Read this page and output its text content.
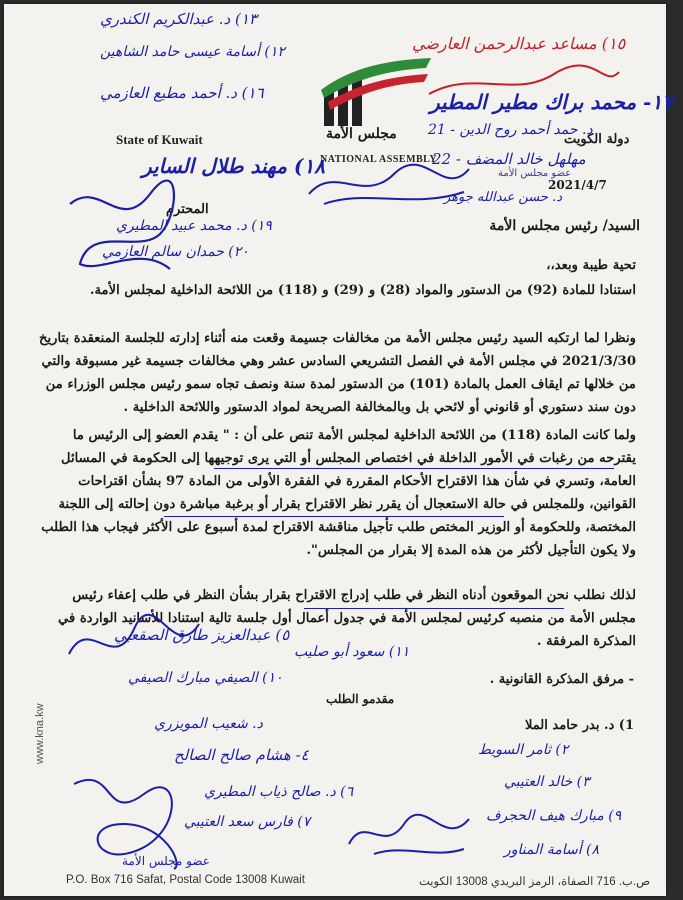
١٣) د. عبدالكريم الكندري
١٢) أسامة عيسى حامد الشاهين
١٦) د. أحمد مطيع العازمي
١٨) مهند طلال الساير
١٥) مساعد عبدالرحمن العارضي
١٧- محمد براك مطير المطير
21 - د. حمد أحمد روح الدين
22 - مهلهل خالد المضف
د. حسن عبدالله جوهر
State of Kuwait	دولة الكويت
مجلس الأمة
NATIONAL ASSEMBLY
2021/4/7
عضو مجلس الأمة
المحترم
١٩) د. محمد عبيد المطيري
٢٠) حمدان سالم العازمي
السيد/ رئيس مجلس الأمة
تحية طيبة وبعد،،

استنادا للمادة (92) من الدستور والمواد (28) و (29) و (118) من اللائحة الداخلية لمجلس الأمة.

ونظرا لما ارتكبه السيد رئيس مجلس الأمة من مخالفات جسيمة وقعت منه أثناء إدارته للجلسة المنعقدة بتاريخ 2021/3/30 في مجلس الأمة في الفصل التشريعي السادس عشر وهي مخالفات جسيمة غير مسبوقة والتي من خلالها تم ايقاف العمل بالمادة (101) من الدستور لمدة سنة ونصف تجاه سمو رئيس مجلس الوزراء من دون سند دستوري أو قانوني أو لائحي بل وبالمخالفة الصريحة لمواد الدستور واللائحة الداخلية .

ولما كانت المادة (118) من اللائحة الداخلية لمجلس الأمة تنص على أن : " يقدم العضو إلى الرئيس ما يقترحه من رغبات في الأمور الداخلة في اختصاص المجلس أو التي يرى توجيهها إلى الحكومة في المسائل العامة، وتسري في شأن هذا الاقتراح الأحكام المقررة في الفقرة الأولى من المادة 97 بشأن اقتراحات القوانين، وللمجلس في حالة الاستعجال أن يقرر نظر الاقتراح بقرار أو برغبة مباشرة دون إحالته إلى اللجنة المختصة، وللحكومة أو الوزير المختص طلب تأجيل مناقشة الاقتراح لمدة أسبوع على الأكثر فيجاب هذا الطلب ولا يكون التأجيل لأكثر من هذه المدة إلا بقرار من المجلس".

لذلك نطلب نحن الموقعون أدناه النظر في طلب إدراج الاقتراح بقرار بشأن النظر في طلب إعفاء رئيس مجلس الأمة من منصبه كرئيس لمجلس الأمة في جدول أعمال أول جلسة تالية استنادا للأسانيد الواردة في المذكرة المرفقة .

- مرفق المذكرة القانونية .
مقدمو الطلب
٥) عبدالعزيز طارق الصقعبي
١١) سعود أبو صليب
١٠) الصيفي مبارك الصيفي
د. شعيب المويزري	1) د. بدر حامد الملا
٢) ثامر السويط
٤- هشام صالح الصالح
٣) خالد العتيبي
٦) د. صالح ذياب المطيري
٧) فارس سعد العتيبي	٩) مبارك هيف الحجرف
٨) أسامة المناور
عضو مجلس الأمة
www.kna.kw
P.O. Box 716 Safat, Postal Code 13008 Kuwait	ص.ب. 716 الصفاة، الرمز البريدي 13008 الكويت
